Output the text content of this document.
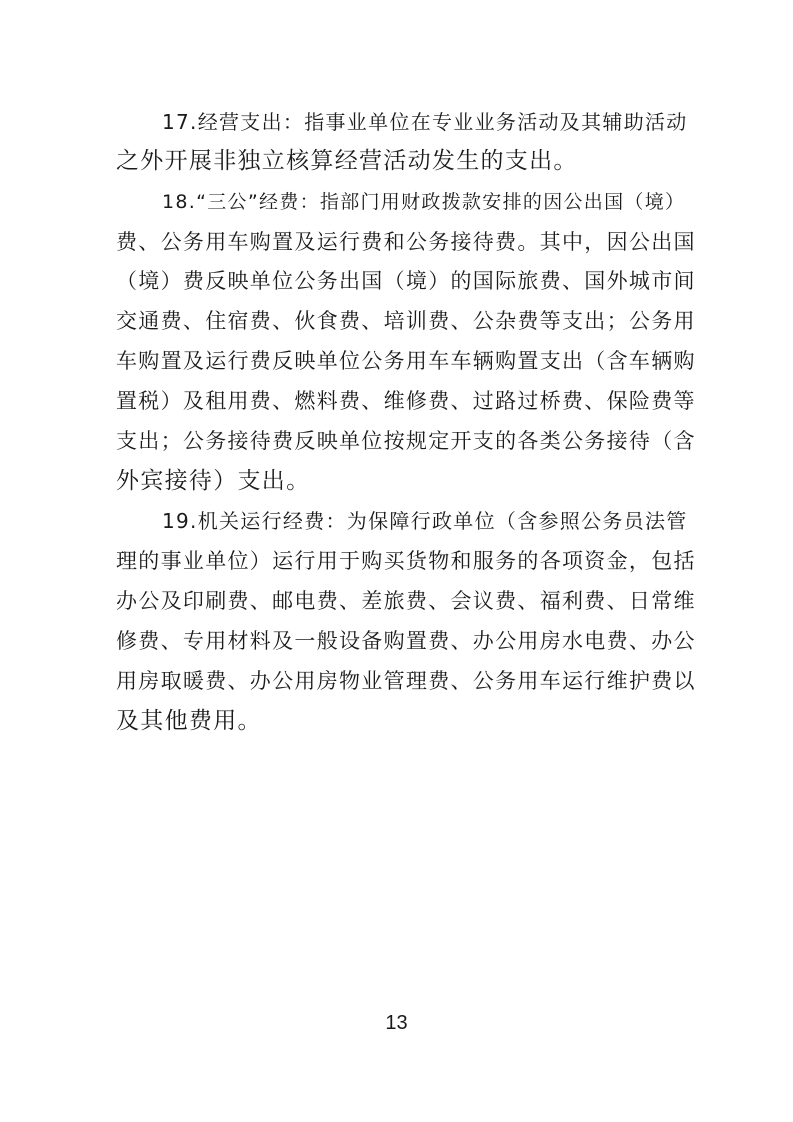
17.经营支出：指事业单位在专业业务活动及其辅助活动
之外开展非独立核算经营活动发生的支出。
18.“三公”经费：指部门用财政拨款安排的因公出国（境）
费、公务用车购置及运行费和公务接待费。其中，因公出国
（境）费反映单位公务出国（境）的国际旅费、国外城市间
交通费、住宿费、伙食费、培训费、公杂费等支出；公务用
车购置及运行费反映单位公务用车车辆购置支出（含车辆购
置税）及租用费、燃料费、维修费、过路过桥费、保险费等
支出；公务接待费反映单位按规定开支的各类公务接待（含
外宾接待）支出。
19.机关运行经费：为保障行政单位（含参照公务员法管
理的事业单位）运行用于购买货物和服务的各项资金，包括
办公及印刷费、邮电费、差旅费、会议费、福利费、日常维
修费、专用材料及一般设备购置费、办公用房水电费、办公
用房取暖费、办公用房物业管理费、公务用车运行维护费以
及其他费用。
13
